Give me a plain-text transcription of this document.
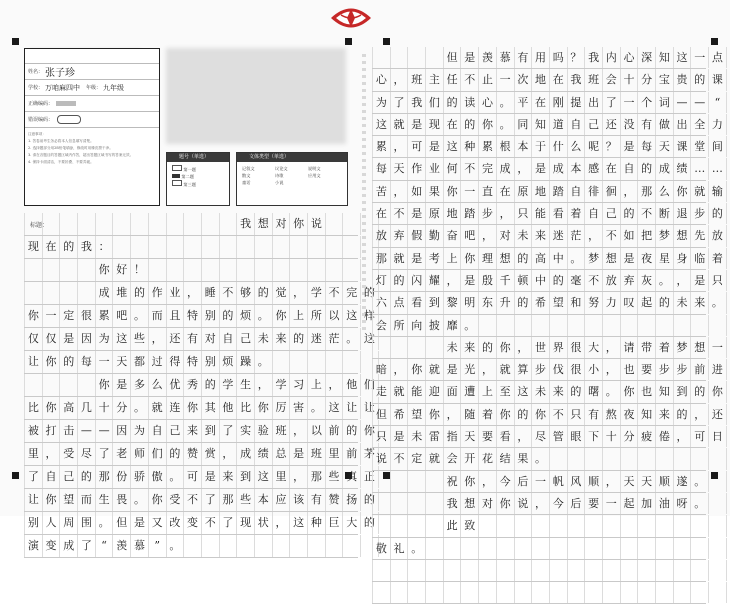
姓名： 张子珍
学校： 万咱麻四中 年级： 九年级
正确编码：
错误编码：
注意事项：
1. 答卷前考生务必将本人信息填写清楚。
2. 选择题部分用2B铅笔填涂，修改时用橡皮擦干净。
3. 请在各题目的答题区域内作答，超出答题区域书写的答案无效。
4. 保持卡面清洁，不要折叠、不要弄破。
题号（单选）
第一题
第二题
第三题
文体类型（单选）
记叙文	议论文	说明文
散文	诗歌	应用文
童话	小说
我 想 对 你 说
现 在 的 我 ：
你 好 ！
成 堆 的 作 业 ， 睡 不 够 的 觉 ， 学 不 完 的
你 一 定 很 累 吧 。 而 且 特 别 的 烦 。 你 上 所 以 这 样
仅 仅 是 因 为 这 些 ， 还 有 对 自 己 未 来 的 迷 茫 。 这
让 你 的 每 一 天 都 过 得 特 别 烦 躁 。
你 是 多 么 优 秀 的 学 生 ， 学 习 上 ， 他 们
比 你 高 几 十 分 。 就 连 你 其 他 比 你 厉 害 。 这 让 让
被 打 击 — — 因 为 自 己 来 到 了 实 验 班 ， 以 前 的 你
里 ， 受 尽 了 老 师 们 的 赞 赏 ， 成 绩 总 是 班 里 前 茅
了 自 己 的 那 份 骄 傲 。 可 是 来 到 这 里 ， 那 些 真 正
让 你 望 而 生 畏 。 你 受 不 了 那 些 本 应 该 有 赞 扬 的
别 人 周 围 。 但 是 又 改 变 不 了 现 状 ， 这 种 巨 大 的
演 变 成 了 “ 羡 慕 ” 。
标题：
但 是 羡 慕 有 用 吗 ？ 我 内 心 深 知 这 一 点
心 ， 班 主 任 不 止 一 次 地 在 我 班 会 十 分 宝 贵 的 课
为 了 我 们 的 读 心 。 平 在 刚 提 出 了 一 个 词 — — “
这 就 是 现 在 的 你 。 同 知 道 自 己 还 没 有 做 出 全 力
累 ， 可 是 这 种 累 根 本 于 什 么 呢 ？ 是 每 天 课 堂 间
每 天 作 业 何 不 完 成 ， 是 成 本 感 在 自 的 成 绩 … …
苦 ， 如 果 你 一 直 在 原 地 踏 自 徘 徊 ， 那 么 你 就 输
在 不 是 原 地 踏 步 ， 只 能 看 着 自 己 的 不 断 退 步 的
放 弃 假 勤 奋 吧 ， 对 未 来 迷 茫 ， 不 如 把 梦 想 先 放
那 就 是 考 上 你 理 想 的 高 中 。 梦 想 是 夜 星 身 临 着
灯 的 闪 耀 ， 是 殷 千 顿 中 的 毫 不 放 弃 灰 。 ， 是 只
六 点 看 到 黎 明 东 升 的 希 望 和 努 力 叹 起 的 未 来 。
会 所 向 披 靡 。
未 来 的 你 ， 世 界 很 大 ， 请 带 着 梦 想 一
暗 ， 你 就 是 光 ， 就 算 步 伐 很 小 ， 也 要 步 步 前 进
走 就 能 迎 面 遭 上 至 这 未 来 的 曙 。 你 也 知 到 的 你
但 希 望 你 ， 随 着 你 的 你 不 只 有 熬 夜 知 来 的 ， 还
只 是 未 雷 指 天 要 看 ， 尽 管 眼 下 十 分 疲 倦 ， 可 日
说 不 定 就 会 开 花 结 果 。
祝 你 ， 今 后 一 帆 风 顺 ， 天 天 顺 遂 。
我 想 对 你 说 ， 今 后 要 一 起 加 油 呀 。
此 致
敬 礼 。
